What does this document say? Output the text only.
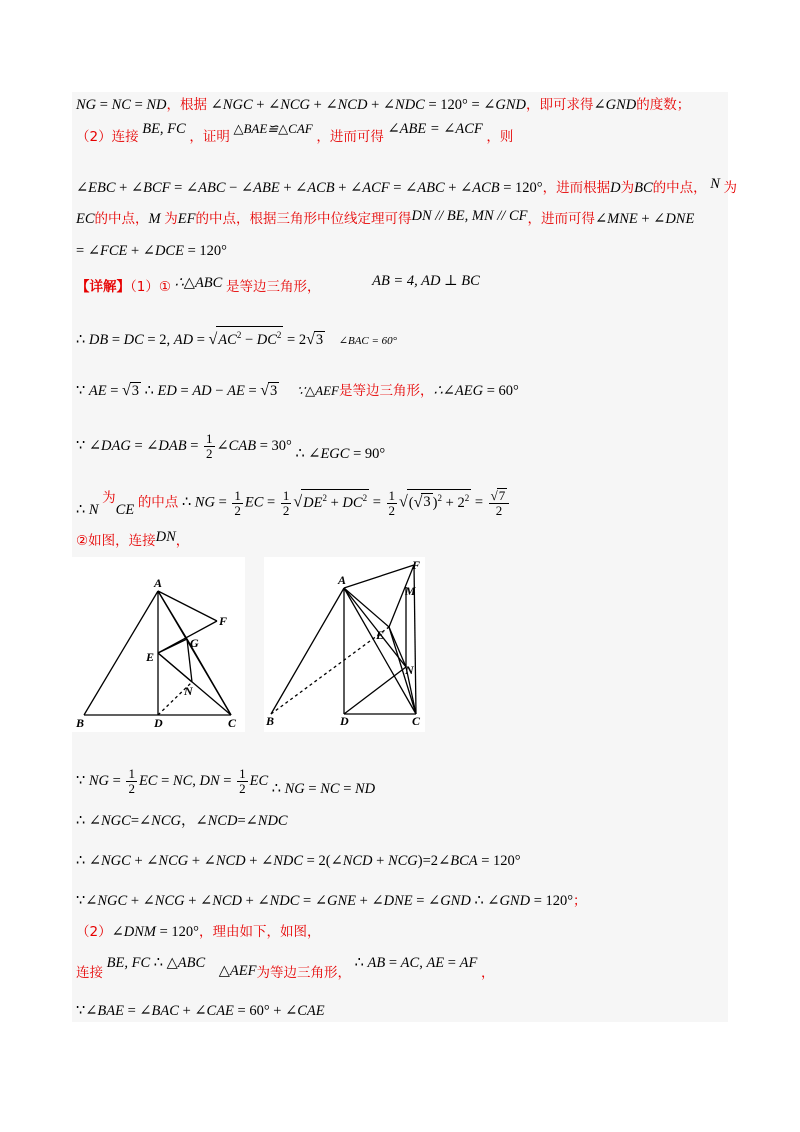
NG = NC = ND，根据 ∠NGC + ∠NCG + ∠NCD + ∠NDC = 120° = ∠GND，即可求得∠GND的度数；
（2）连接 BE, FC ，证明 △BAE≌△CAF ，进而可得 ∠ABE = ∠ACF ，则
∠EBC + ∠BCF = ∠ABC − ∠ABE + ∠ACB + ∠ACF = ∠ABC + ∠ACB = 120°，进而根据D为BC的中点， N 为
EC的中点，M 为EF的中点，根据三角形中位线定理可得DN // BE, MN // CF，进而可得∠MNE + ∠DNE
= ∠FCE + ∠DCE = 120°
【详解】（1）① ∴△ABC 是等边三角形，	AB = 4, AD ⊥ BC
∴ DB = DC = 2, AD = $√AC^2 - DC^2 = 2√3$ ∠BAC = 60°
∵ AE = √3 ∴ ED = AD − AE = √3 ∵△AEF是等边三角形，∴∠AEG = 60°
∵ ∠DAG = ∠DAB = $\frac{1}{2}$ ∠CAB = 30° ∴ ∠EGC = 90°
∴ N 为CE 的中点 ∴ NG = $\frac{1}{2}$ EC = $\frac{1}{2} √DE^2 + DC^2 = \frac{1}{2} √(√3$ )$^2 + 2^2 = \frac{√7}{2}$
②如图，连接DN，
A
B	C
D
E
F
G
N
A
B	C
D
E
F
M
N
∵ NG = $\frac{1}{2}$ EC = NC, DN = $\frac{1}{2}$ EC ∴ NG = NC = ND
∴ ∠NGC=∠NCG，∠NCD=∠NDC
∴ ∠NGC + ∠NCG + ∠NCD + ∠NDC = 2(∠NCD + NCG)=2∠BCA = 120°
∵∠NGC + ∠NCG + ∠NCD + ∠NDC = ∠GNE + ∠DNE = ∠GND ∴ ∠GND = 120°；
（2）∠DNM = 120°，理由如下，如图，
连接 BE, FC ∴ △ABC △AEF为等边三角形， ∴ AB = AC, AE = AF ，
∵∠BAE = ∠BAC + ∠CAE = 60° + ∠CAE
